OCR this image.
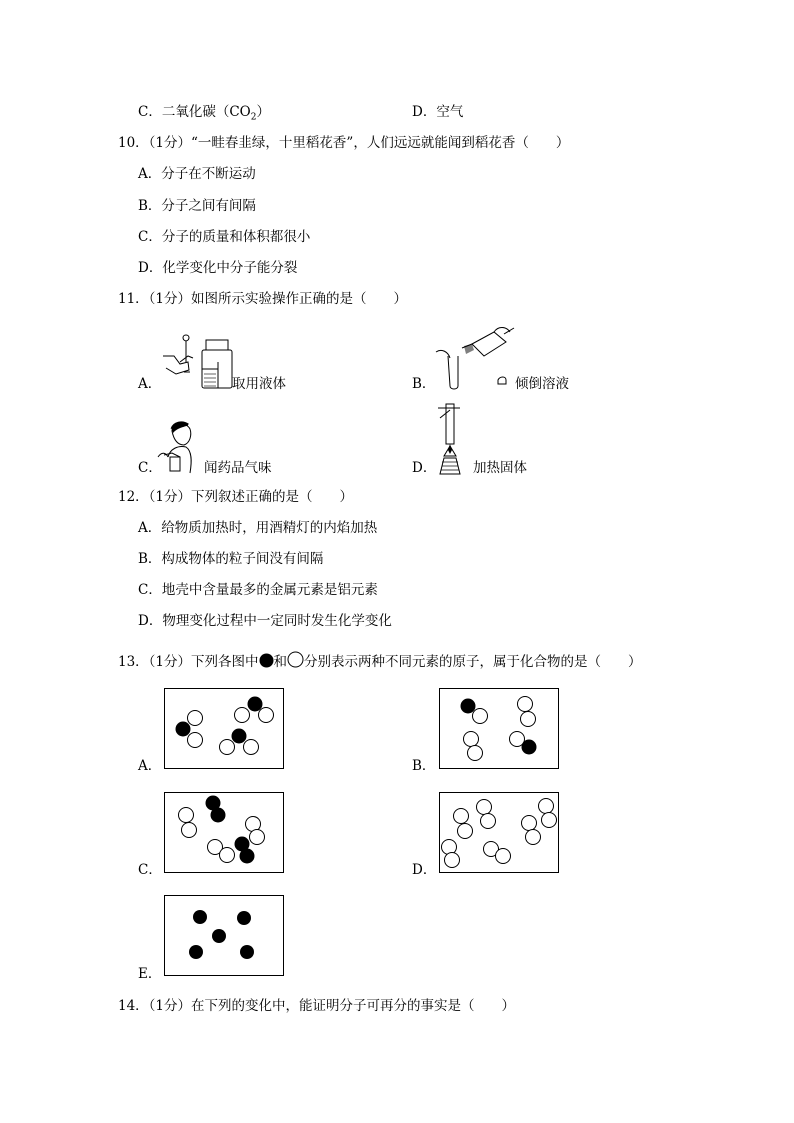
C．二氧化碳$(CO_2)$	D．空气
10．（1分）“一畦春韭绿，十里稻花香”，人们远远就能闻到稻花香（　　）
A．分子在不断运动
B．分子之间有间隔
C．分子的质量和体积都很小
D．化学变化中分子能分裂
11．（1分）如图所示实验操作正确的是（　　）
A．	取用液体	B．	倾倒溶液
C．	闻药品气味	D．	加热固体
12．（1分）下列叙述正确的是（　　）
A．给物质加热时，用酒精灯的内焰加热
B．构成物体的粒子间没有间隔
C．地壳中含量最多的金属元素是铝元素
D．物理变化过程中一定同时发生化学变化
13．（1分）下列各图中 和 分别表示两种不同元素的原子，属于化合物的是（　　）
A．	B．
C．	D．
E．
14．（1分）在下列的变化中，能证明分子可再分的事实是（　　）
